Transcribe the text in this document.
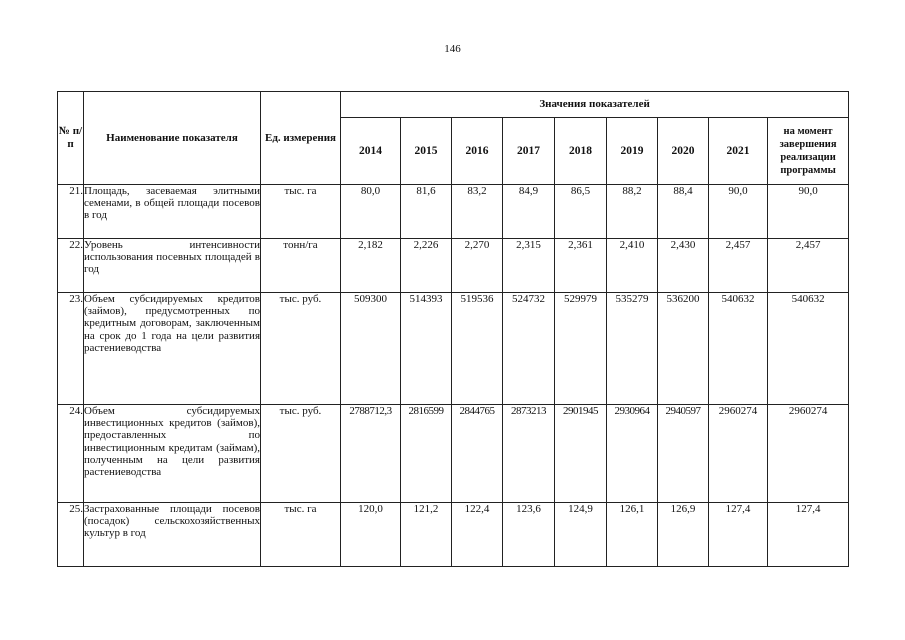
146
№ п/п	Наименование показателя	Ед. измерения	Значения показателей								
			2014	2015	2016	2017	2018	2019	2020	2021	на момент завершения реализации программы
21.	Площадь, засеваемая элитными семенами, в общей площади посевов в год	тыс. га	80,0	81,6	83,2	84,9	86,5	88,2	88,4	90,0	90,0
22.	Уровень интенсивности использования посевных площадей в год	тонн/га	2,182	2,226	2,270	2,315	2,361	2,410	2,430	2,457	2,457
23.	Объем субсидируемых кредитов (займов), предусмотренных по кредитным договорам, заключенным на срок до 1 года на цели развития растениеводства	тыс. руб.	509300	514393	519536	524732	529979	535279	536200	540632	540632
24.	Объем субсидируемых инвестиционных кредитов (займов), предоставленных по инвестиционным кредитам (займам), полученным на цели развития растениеводства	тыс. руб.	2788712,3	2816599	2844765	2873213	2901945	2930964	2940597	2960274	2960274
25.	Застрахованные площади посевов (посадок) сельскохозяйственных культур в год	тыс. га	120,0	121,2	122,4	123,6	124,9	126,1	126,9	127,4	127,4
